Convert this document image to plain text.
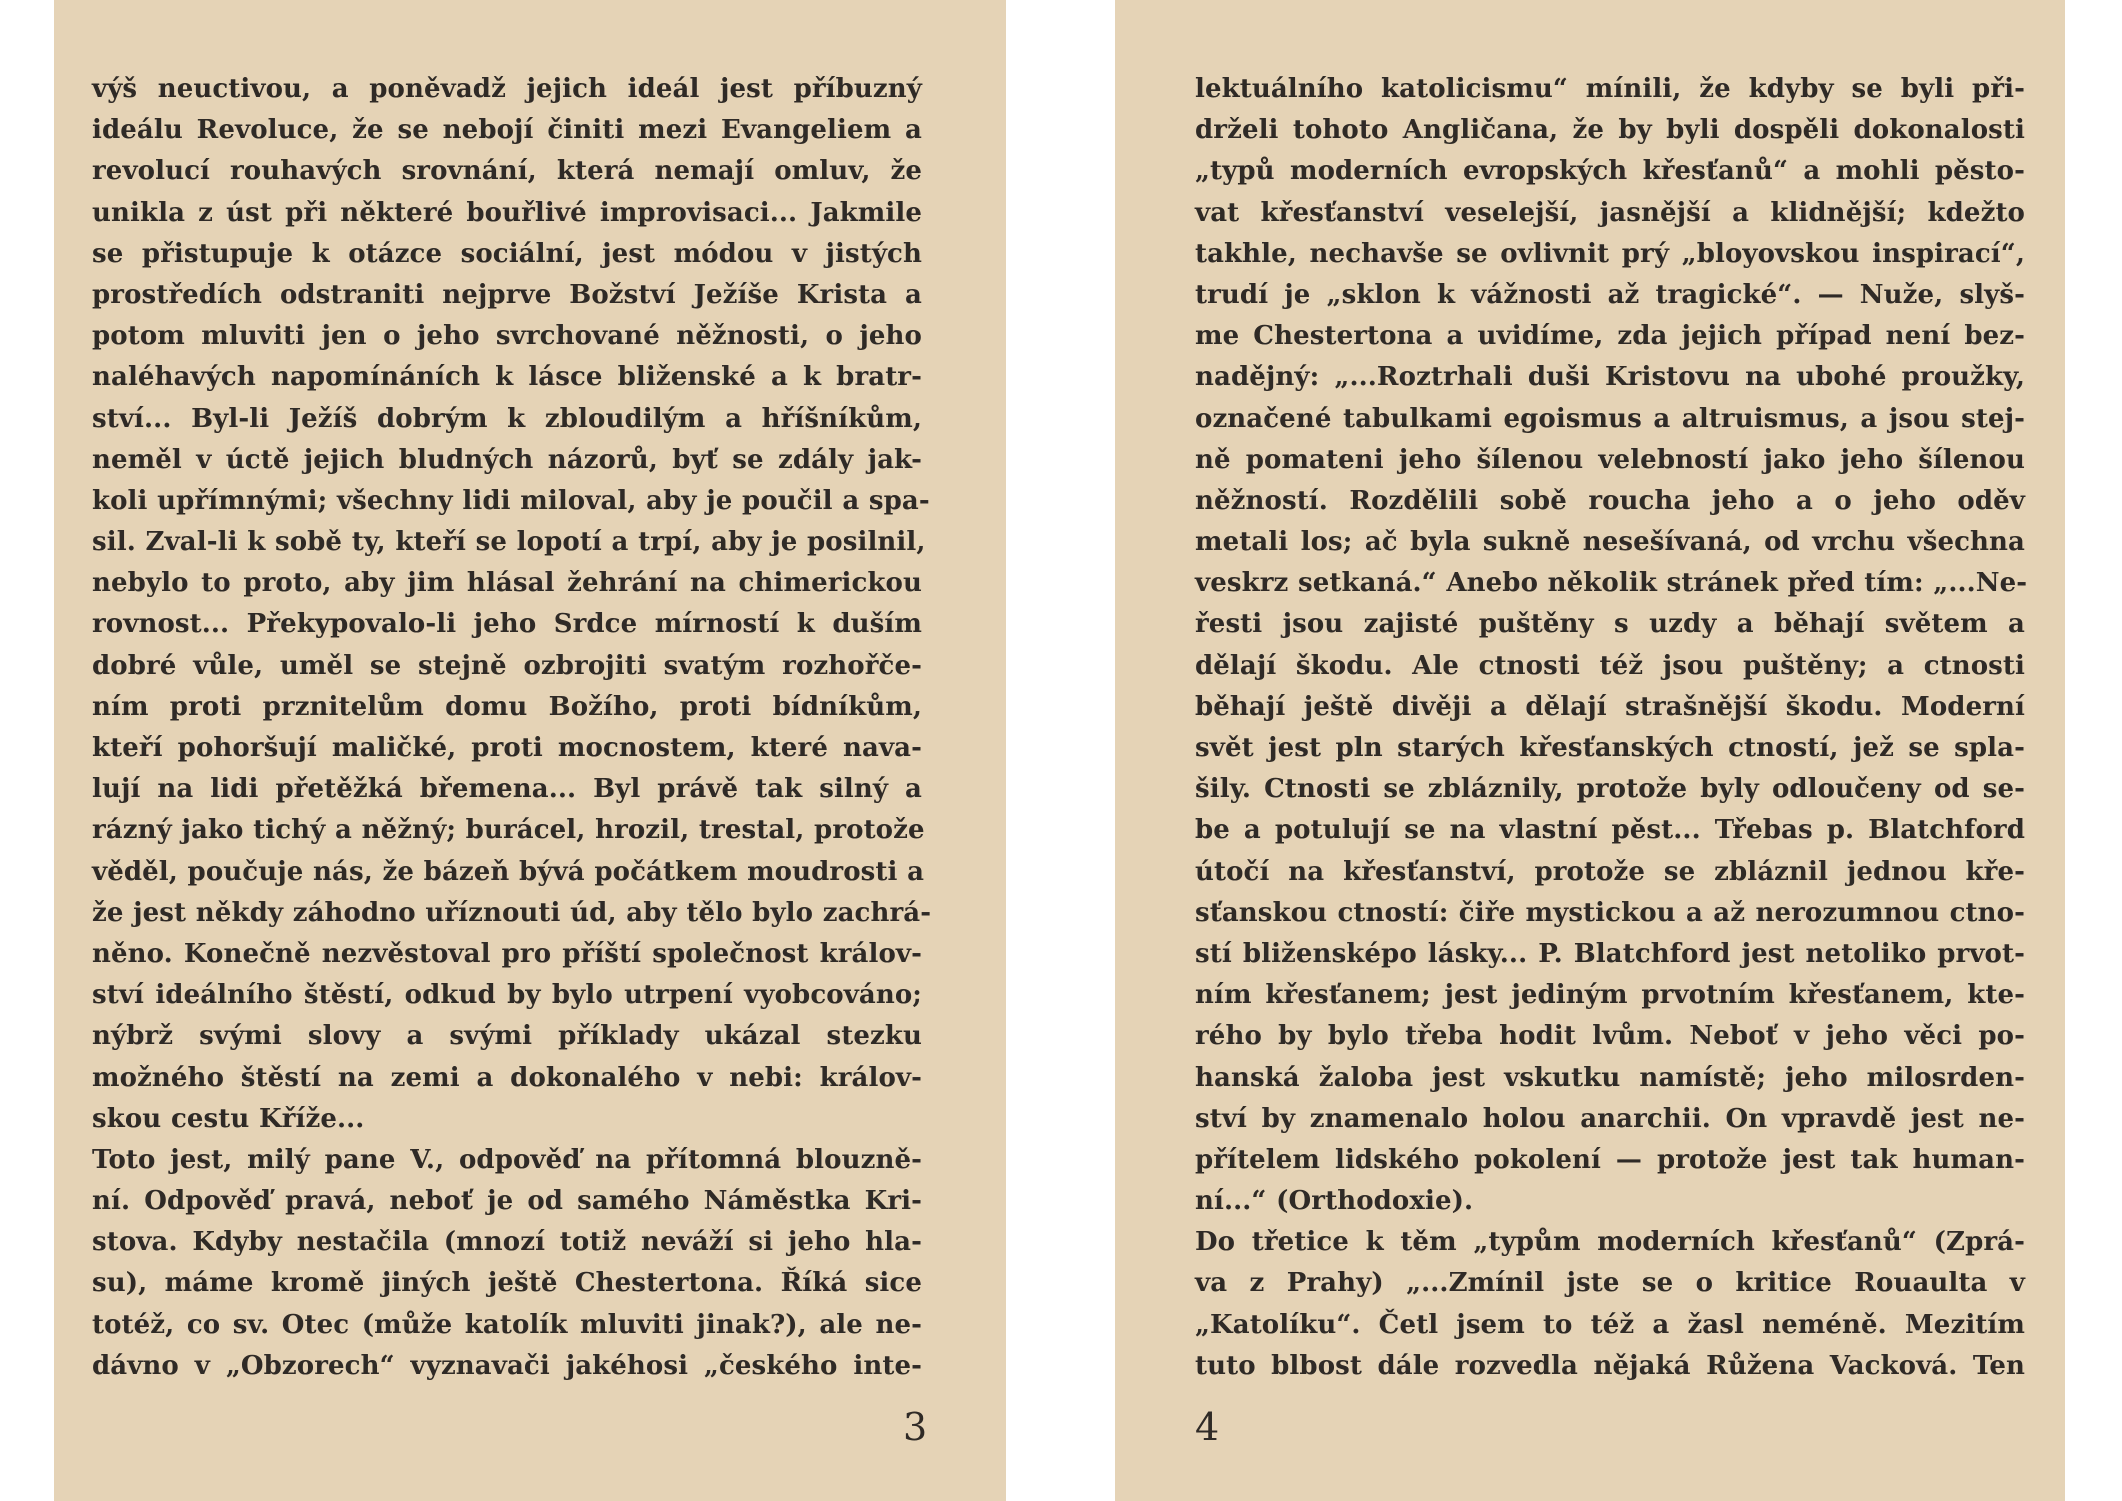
výš neuctivou, a poněvadž jejich ideál jest příbuzný
ideálu Revoluce, že se nebojí činiti mezi Evangeliem a
revolucí rouhavých srovnání, která nemají omluv, že
unikla z úst při některé bouřlivé improvisaci... Jakmile
se přistupuje k otázce sociální, jest módou v jistých
prostředích odstraniti nejprve Božství Ježíše Krista a
potom mluviti jen o jeho svrchované něžnosti, o jeho
naléhavých napomínáních k lásce bliženské a k bratr-
ství... Byl-li Ježíš dobrým k zbloudilým a hříšníkům,
neměl v úctě jejich bludných názorů, byť se zdály jak-
koli upřímnými; všechny lidi miloval, aby je poučil a spa-
sil. Zval-li k sobě ty, kteří se lopotí a trpí, aby je posilnil,
nebylo to proto, aby jim hlásal žehrání na chimerickou
rovnost... Překypovalo-li jeho Srdce mírností k duším
dobré vůle, uměl se stejně ozbrojiti svatým rozhořče-
ním proti prznitelům domu Božího, proti bídníkům,
kteří pohoršují maličké, proti mocnostem, které nava-
lují na lidi přetěžká břemena... Byl právě tak silný a
rázný jako tichý a něžný; burácel, hrozil, trestal, protože
věděl, poučuje nás, že bázeň bývá počátkem moudrosti a
že jest někdy záhodno uříznouti úd, aby tělo bylo zachrá-
něno. Konečně nezvěstoval pro příští společnost králov-
ství ideálního štěstí, odkud by bylo utrpení vyobcováno;
nýbrž svými slovy a svými příklady ukázal stezku
možného štěstí na zemi a dokonalého v nebi: králov-
skou cestu Kříže...
Toto jest, milý pane V., odpověď na přítomná blouzně-
ní. Odpověď pravá, neboť je od samého Náměstka Kri-
stova. Kdyby nestačila (mnozí totiž neváží si jeho hla-
su), máme kromě jiných ještě Chestertona. Říká sice
totéž, co sv. Otec (může katolík mluviti jinak?), ale ne-
dávno v „Obzorech“ vyznavači jakéhosi „českého inte-
3
lektuálního katolicismu“ mínili, že kdyby se byli při-
drželi tohoto Angličana, že by byli dospěli dokonalosti
„typů moderních evropských křesťanů“ a mohli pěsto-
vat křesťanství veselejší, jasnější a klidnější; kdežto
takhle, nechavše se ovlivnit prý „bloyovskou inspirací“,
trudí je „sklon k vážnosti až tragické“. — Nuže, slyš-
me Chestertona a uvidíme, zda jejich případ není bez-
nadějný: „...Roztrhali duši Kristovu na ubohé proužky,
označené tabulkami egoismus a altruismus, a jsou stej-
ně pomateni jeho šílenou velebností jako jeho šílenou
něžností. Rozdělili sobě roucha jeho a o jeho oděv
metali los; ač byla sukně nesešívaná, od vrchu všechna
veskrz setkaná.“ Anebo několik stránek před tím: „...Ne-
řesti jsou zajisté puštěny s uzdy a běhají světem a
dělají škodu. Ale ctnosti též jsou puštěny; a ctnosti
běhají ještě divěji a dělají strašnější škodu. Moderní
svět jest pln starých křesťanských ctností, jež se spla-
šily. Ctnosti se zbláznily, protože byly odloučeny od se-
be a potulují se na vlastní pěst... Třebas p. Blatchford
útočí na křesťanství, protože se zbláznil jednou kře-
sťanskou ctností: čiře mystickou a až nerozumnou ctno-
stí bližensképo lásky... P. Blatchford jest netoliko prvot-
ním křesťanem; jest jediným prvotním křesťanem, kte-
rého by bylo třeba hodit lvům. Neboť v jeho věci po-
hanská žaloba jest vskutku namístě; jeho milosrden-
ství by znamenalo holou anarchii. On vpravdě jest ne-
přítelem lidského pokolení — protože jest tak human-
ní...“ (Orthodoxie).
Do třetice k těm „typům moderních křesťanů“ (Zprá-
va z Prahy) „...Zmínil jste se o kritice Rouaulta v
„Katolíku“. Četl jsem to též a žasl neméně. Mezitím
tuto blbost dále rozvedla nějaká Růžena Vacková. Ten
4
